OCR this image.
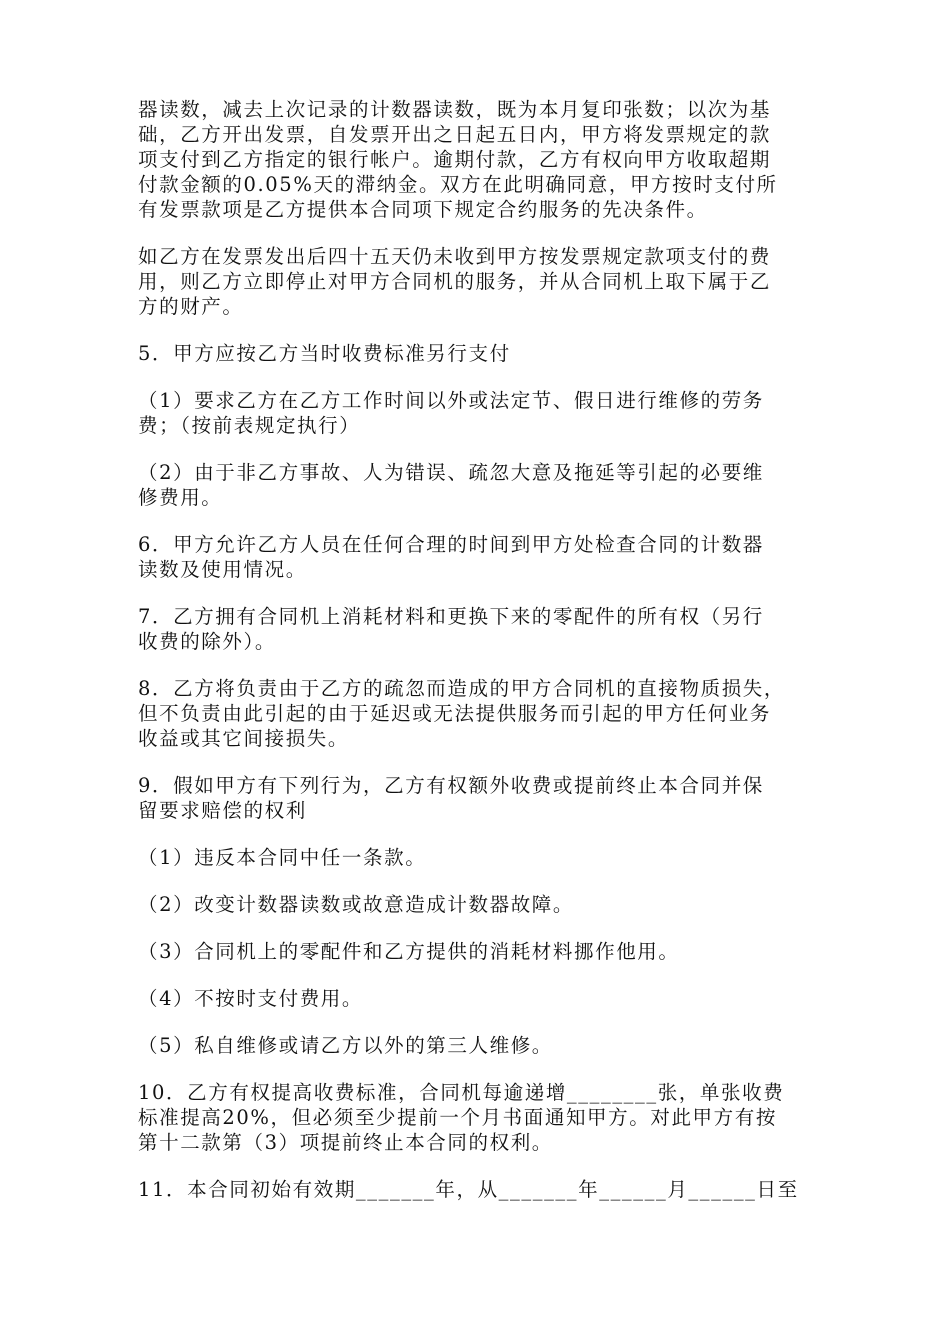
器读数，减去上次记录的计数器读数，既为本月复印张数；以次为基
础，乙方开出发票，自发票开出之日起五日内，甲方将发票规定的款
项支付到乙方指定的银行帐户。逾期付款，乙方有权向甲方收取超期
付款金额的0.05%天的滞纳金。双方在此明确同意，甲方按时支付所
有发票款项是乙方提供本合同项下规定合约服务的先决条件。

如乙方在发票发出后四十五天仍未收到甲方按发票规定款项支付的费
用，则乙方立即停止对甲方合同机的服务，并从合同机上取下属于乙
方的财产。

5．甲方应按乙方当时收费标准另行支付

（1）要求乙方在乙方工作时间以外或法定节、假日进行维修的劳务
费；（按前表规定执行）

（2）由于非乙方事故、人为错误、疏忽大意及拖延等引起的必要维
修费用。

6．甲方允许乙方人员在任何合理的时间到甲方处检查合同的计数器
读数及使用情况。

7．乙方拥有合同机上消耗材料和更换下来的零配件的所有权（另行
收费的除外）。

8．乙方将负责由于乙方的疏忽而造成的甲方合同机的直接物质损失，
但不负责由此引起的由于延迟或无法提供服务而引起的甲方任何业务
收益或其它间接损失。

9．假如甲方有下列行为，乙方有权额外收费或提前终止本合同并保
留要求赔偿的权利

（1）违反本合同中任一条款。

（2）改变计数器读数或故意造成计数器故障。

（3）合同机上的零配件和乙方提供的消耗材料挪作他用。

（4）不按时支付费用。

（5）私自维修或请乙方以外的第三人维修。

10．乙方有权提高收费标准，合同机每逾递增________张，单张收费
标准提高20%，但必须至少提前一个月书面通知甲方。对此甲方有按
第十二款第（3）项提前终止本合同的权利。

11．本合同初始有效期_______年，从_______年______月______日至
